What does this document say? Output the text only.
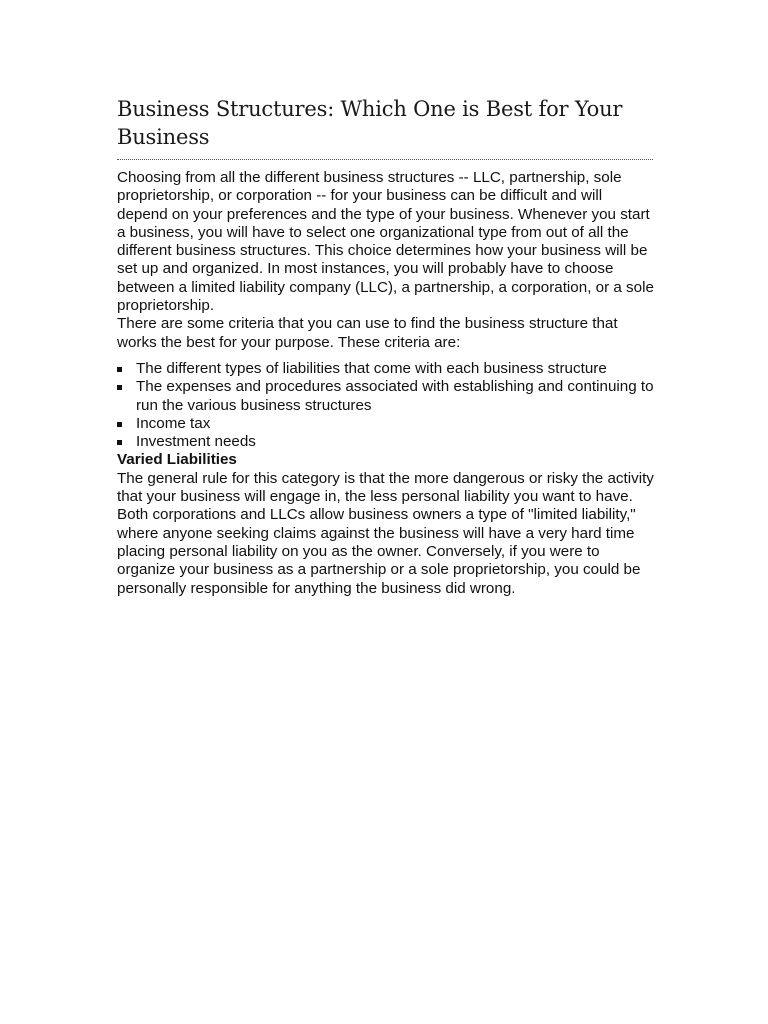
Business Structures: Which One is Best for Your Business

Choosing from all the different business structures -- LLC, partnership, sole proprietorship, or corporation -- for your business can be difficult and will depend on your preferences and the type of your business. Whenever you start a business, you will have to select one organizational type from out of all the different business structures. This choice determines how your business will be set up and organized. In most instances, you will probably have to choose between a limited liability company (LLC), a partnership, a corporation, or a sole proprietorship.

There are some criteria that you can use to find the business structure that works the best for your purpose. These criteria are:

The different types of liabilities that come with each business structure
The expenses and procedures associated with establishing and continuing to run the various business structures
Income tax
Investment needs

Varied Liabilities

The general rule for this category is that the more dangerous or risky the activity that your business will engage in, the less personal liability you want to have.

Both corporations and LLCs allow business owners a type of "limited liability," where anyone seeking claims against the business will have a very hard time placing personal liability on you as the owner. Conversely, if you were to organize your business as a partnership or a sole proprietorship, you could be personally responsible for anything the business did wrong.
